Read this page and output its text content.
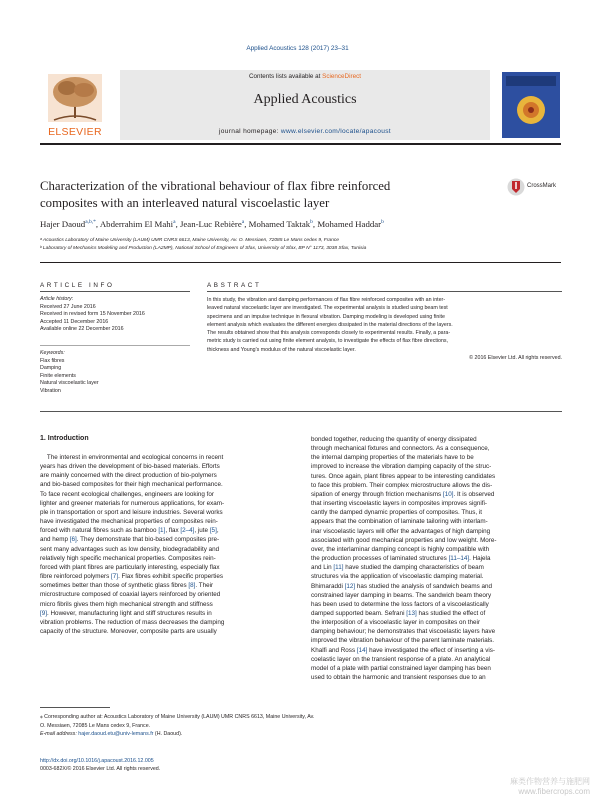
Applied Acoustics 128 (2017) 23–31
ELSEVIER
Contents lists available at ScienceDirect
Applied Acoustics
journal homepage: www.elsevier.com/locate/apacoust
Characterization of the vibrational behaviour of flax fibre reinforced
composites with an interleaved natural viscoelastic layer
CrossMark
Hajer Daoud$^{a,b,*}$, Abderrahim El Mahi$^a$, Jean-Luc Rebière$^a$, Mohamed Taktak$^b$, Mohamed Haddar$^b$
ᵃ Acoustics Laboratory of Maine University (LAUM) UMR CNRS 6613, Maine University, Av. O. Messiaen, 72085 Le Mans cedex 9, France
ᵇ Laboratory of Mechanics Modeling and Production (LA2MP), National School of Engineers of Sfax, University of Sfax, BP N° 1173, 3038 Sfax, Tunisia
ARTICLE INFO
Article history:
Received 27 June 2016
Received in revised form 15 November 2016
Accepted 11 December 2016
Available online 22 December 2016
Keywords:
Flax fibres
Damping
Finite elements
Natural viscoelastic layer
Vibration
ABSTRACT
In this study, the vibration and damping performances of flax fibre reinforced composites with an inter-
leaved natural viscoelastic layer are investigated. The experimental analysis is studied using beam test
specimens and an impulse technique in flexural vibration. Damping modeling is developed using finite
element analysis which evaluates the different energies dissipated in the material directions of the layers.
The results obtained show that this analysis corresponds closely to experimental results. Finally, a para-
metric study is carried out using finite element analysis, to investigate the effects of flax fibre directions,
thickness and Young's modulus of the natural viscoelastic layer.
© 2016 Elsevier Ltd. All rights reserved.
1. Introduction
The interest in environmental and ecological concerns in recent
years has driven the development of bio-based materials. Efforts
are mainly concerned with the direct production of bio-polymers
and bio-based composites for their high mechanical performance.
To face recent ecological challenges, engineers are looking for
lighter and greener materials for numerous applications, for exam-
ple in transportation or sport and leisure industries. Several works
have investigated the mechanical properties of composites rein-
forced with natural fibres such as bamboo [1], flax [2–4], jute [5],
and hemp [6]. They demonstrate that bio-based composites pre-
sent many advantages such as low density, biodegradability and
relatively high specific mechanical properties. Composites rein-
forced with plant fibres are particularly interesting, especially flax
fibre reinforced polymers [7]. Flax fibres exhibit specific properties
sometimes better than those of synthetic glass fibres [8]. Their
microstructure composed of coaxial layers reinforced by oriented
micro fibrils gives them high mechanical strength and stiffness
[9]. However, manufacturing light and stiff structures results in
vibration problems. The reduction of mass decreases the damping
capacity of the structure. Moreover, composite parts are usually
bonded together, reducing the quantity of energy dissipated
through mechanical fixtures and connectors. As a consequence,
the internal damping properties of the materials have to be
improved to increase the vibration damping capacity of the struc-
tures. Once again, plant fibres appear to be interesting candidates
to face this problem. Their complex microstructure allows the dis-
sipation of energy through friction mechanisms [10]. It is observed
that inserting viscoelastic layers in composites improves signifi-
cantly the damped dynamic properties of composites. Thus, it
appears that the combination of laminate tailoring with interlam-
inar viscoelastic layers will offer the advantages of high damping
associated with good mechanical properties and low weight. More-
over, the interlaminar damping concept is highly compatible with
the production processes of laminated structures [11–14]. Hajela
and Lin [11] have studied the damping characteristics of beam
structures via the application of viscoelastic damping material.
Bhimaraddi [12] has studied the analysis of sandwich beams and
constrained layer damping in beams. The sandwich beam theory
has been used to determine the loss factors of a viscoelastically
damped supported beam. Sefrani [13] has studied the effect of
the interposition of a viscoelastic layer in composites on their
damping behaviour; he demonstrates that viscoelastic layers have
improved the vibration behaviour of the parent laminate materials.
Khalfi and Ross [14] have investigated the effect of inserting a vis-
coelastic layer on the transient response of a plate. An analytical
model of a plate with partial constrained layer damping has been
used to obtain the harmonic and transient responses due to an
⁎ Corresponding author at: Acoustics Laboratory of Maine University (LAUM) UMR CNRS 6613, Maine University, Av. O. Messiaen, 72085 Le Mans cedex 9, France.
E-mail address: hajer.daoud.etu@univ-lemans.fr (H. Daoud).
http://dx.doi.org/10.1016/j.apacoust.2016.12.005
0003-682X/© 2016 Elsevier Ltd. All rights reserved.
麻类作物营养与施肥网 www.fibercrops.com
